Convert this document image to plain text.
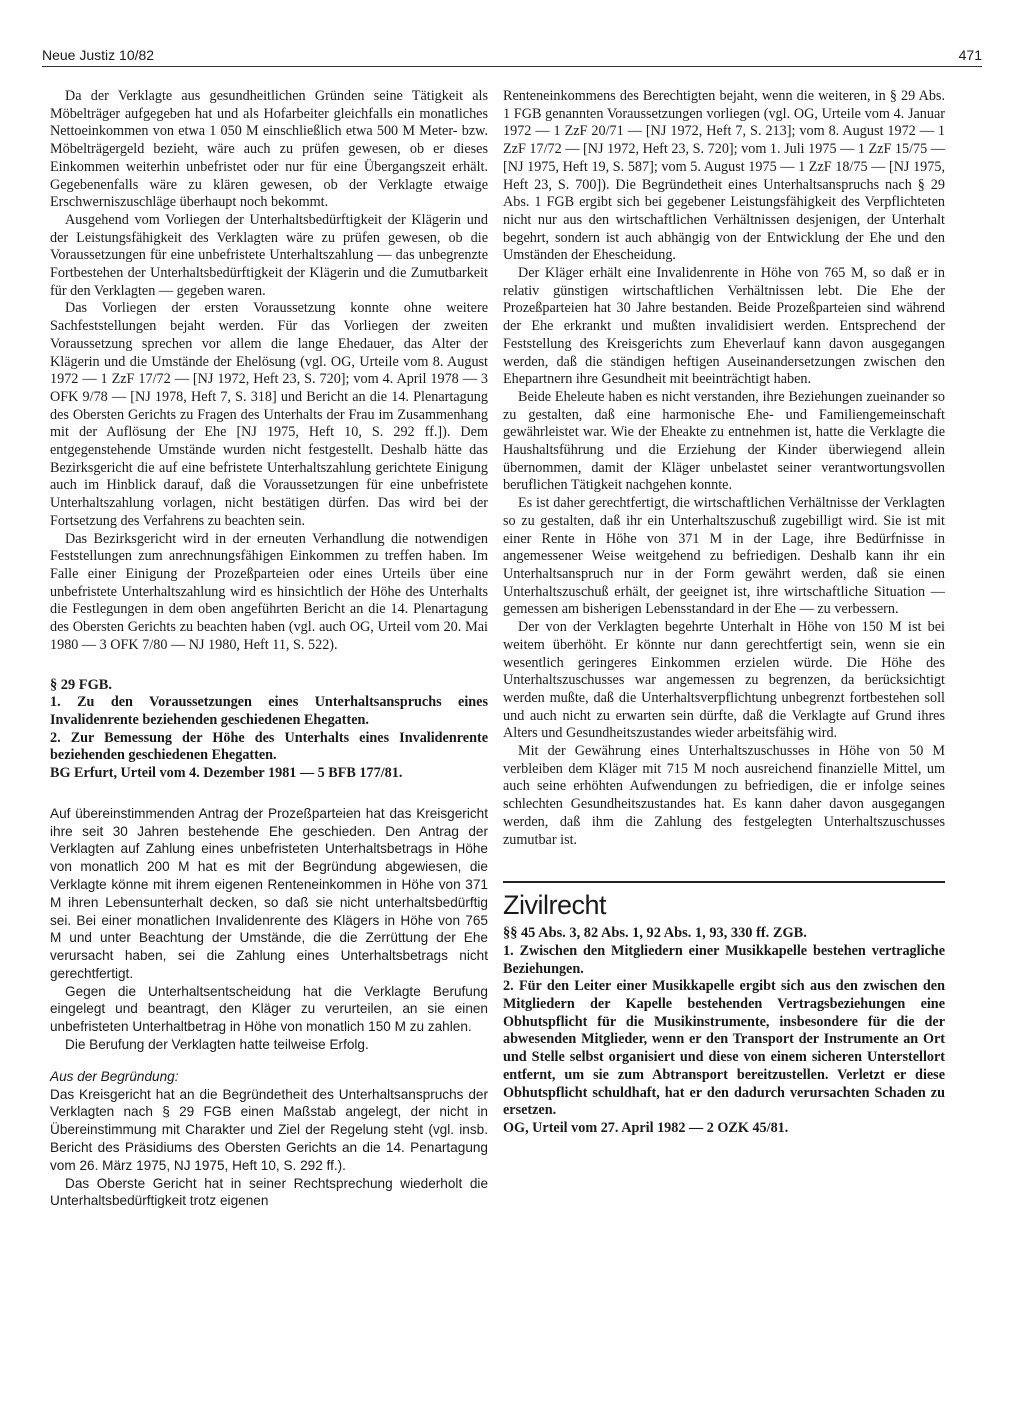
Neue Justiz 10/82	471

Da der Verklagte aus gesundheitlichen Gründen seine Tätigkeit als Möbelträger aufgegeben hat und als Hofarbeiter gleichfalls ein monatliches Nettoeinkommen von etwa 1 050 M einschließlich etwa 500 M Meter- bzw. Möbelträgergeld bezieht, wäre auch zu prüfen gewesen, ob er dieses Einkommen weiterhin unbefristet oder nur für eine Übergangszeit erhält. Gegebenenfalls wäre zu klären gewesen, ob der Verklagte etwaige Erschwerniszuschläge überhaupt noch bekommt.

Ausgehend vom Vorliegen der Unterhaltsbedürftigkeit der Klägerin und der Leistungsfähigkeit des Verklagten wäre zu prüfen gewesen, ob die Voraussetzungen für eine unbefristete Unterhaltszahlung — das unbegrenzte Fortbestehen der Unterhaltsbedürftigkeit der Klägerin und die Zumutbarkeit für den Verklagten — gegeben waren.

Das Vorliegen der ersten Voraussetzung konnte ohne weitere Sachfeststellungen bejaht werden. Für das Vorliegen der zweiten Voraussetzung sprechen vor allem die lange Ehedauer, das Alter der Klägerin und die Umstände der Ehelösung (vgl. OG, Urteile vom 8. August 1972 — 1 ZzF 17/72 — [NJ 1972, Heft 23, S. 720]; vom 4. April 1978 — 3 OFK 9/78 — [NJ 1978, Heft 7, S. 318] und Bericht an die 14. Plenartagung des Obersten Gerichts zu Fragen des Unterhalts der Frau im Zusammenhang mit der Auflösung der Ehe [NJ 1975, Heft 10, S. 292 ff.]). Dem entgegenstehende Umstände wurden nicht festgestellt. Deshalb hätte das Bezirksgericht die auf eine befristete Unterhaltszahlung gerichtete Einigung auch im Hinblick darauf, daß die Voraussetzungen für eine unbefristete Unterhaltszahlung vorlagen, nicht bestätigen dürfen. Das wird bei der Fortsetzung des Verfahrens zu beachten sein.

Das Bezirksgericht wird in der erneuten Verhandlung die notwendigen Feststellungen zum anrechnungsfähigen Einkommen zu treffen haben. Im Falle einer Einigung der Prozeßparteien oder eines Urteils über eine unbefristete Unterhaltszahlung wird es hinsichtlich der Höhe des Unterhalts die Festlegungen in dem oben angeführten Bericht an die 14. Plenartagung des Obersten Gerichts zu beachten haben (vgl. auch OG, Urteil vom 20. Mai 1980 — 3 OFK 7/80 — NJ 1980, Heft 11, S. 522).

§ 29 FGB.

1. Zu den Voraussetzungen eines Unterhaltsanspruchs eines Invalidenrente beziehenden geschiedenen Ehegatten.

2. Zur Bemessung der Höhe des Unterhalts eines Invalidenrente beziehenden geschiedenen Ehegatten.

BG Erfurt, Urteil vom 4. Dezember 1981 — 5 BFB 177/81.

Auf übereinstimmenden Antrag der Prozeßparteien hat das Kreisgericht ihre seit 30 Jahren bestehende Ehe geschieden. Den Antrag der Verklagten auf Zahlung eines unbefristeten Unterhaltsbetrags in Höhe von monatlich 200 M hat es mit der Begründung abgewiesen, die Verklagte könne mit ihrem eigenen Renteneinkommen in Höhe von 371 M ihren Lebensunterhalt decken, so daß sie nicht unterhaltsbedürftig sei. Bei einer monatlichen Invalidenrente des Klägers in Höhe von 765 M und unter Beachtung der Umstände, die die Zerrüttung der Ehe verursacht haben, sei die Zahlung eines Unterhaltsbetrags nicht gerechtfertigt.

Gegen die Unterhaltsentscheidung hat die Verklagte Berufung eingelegt und beantragt, den Kläger zu verurteilen, an sie einen unbefristeten Unterhaltbetrag in Höhe von monatlich 150 M zu zahlen.

Die Berufung der Verklagten hatte teilweise Erfolg.

Aus der Begründung:

Das Kreisgericht hat an die Begründetheit des Unterhaltsanspruchs der Verklagten nach § 29 FGB einen Maßstab angelegt, der nicht in Übereinstimmung mit Charakter und Ziel der Regelung steht (vgl. insb. Bericht des Präsidiums des Obersten Gerichts an die 14. Penartagung vom 26. März 1975, NJ 1975, Heft 10, S. 292 ff.).

Das Oberste Gericht hat in seiner Rechtsprechung wiederholt die Unterhaltsbedürftigkeit trotz eigenen

Renteneinkommens des Berechtigten bejaht, wenn die weiteren, in § 29 Abs. 1 FGB genannten Voraussetzungen vorliegen (vgl. OG, Urteile vom 4. Januar 1972 — 1 ZzF 20/71 — [NJ 1972, Heft 7, S. 213]; vom 8. August 1972 — 1 ZzF 17/72 — [NJ 1972, Heft 23, S. 720]; vom 1. Juli 1975 — 1 ZzF 15/75 — [NJ 1975, Heft 19, S. 587]; vom 5. August 1975 — 1 ZzF 18/75 — [NJ 1975, Heft 23, S. 700]). Die Begründetheit eines Unterhaltsanspruchs nach § 29 Abs. 1 FGB ergibt sich bei gegebener Leistungsfähigkeit des Verpflichteten nicht nur aus den wirtschaftlichen Verhältnissen desjenigen, der Unterhalt begehrt, sondern ist auch abhängig von der Entwicklung der Ehe und den Umständen der Ehescheidung.

Der Kläger erhält eine Invalidenrente in Höhe von 765 M, so daß er in relativ günstigen wirtschaftlichen Verhältnissen lebt. Die Ehe der Prozeßparteien hat 30 Jahre bestanden. Beide Prozeßparteien sind während der Ehe erkrankt und mußten invalidisiert werden. Entsprechend der Feststellung des Kreisgerichts zum Eheverlauf kann davon ausgegangen werden, daß die ständigen heftigen Auseinandersetzungen zwischen den Ehepartnern ihre Gesundheit mit beeinträchtigt haben.

Beide Eheleute haben es nicht verstanden, ihre Beziehungen zueinander so zu gestalten, daß eine harmonische Ehe- und Familiengemeinschaft gewährleistet war. Wie der Eheakte zu entnehmen ist, hatte die Verklagte die Haushaltsführung und die Erziehung der Kinder überwiegend allein übernommen, damit der Kläger unbelastet seiner verantwortungsvollen beruflichen Tätigkeit nachgehen konnte.

Es ist daher gerechtfertigt, die wirtschaftlichen Verhältnisse der Verklagten so zu gestalten, daß ihr ein Unterhaltszuschuß zugebilligt wird. Sie ist mit einer Rente in Höhe von 371 M in der Lage, ihre Bedürfnisse in angemessener Weise weitgehend zu befriedigen. Deshalb kann ihr ein Unterhaltsanspruch nur in der Form gewährt werden, daß sie einen Unterhaltszuschuß erhält, der geeignet ist, ihre wirtschaftliche Situation — gemessen am bisherigen Lebensstandard in der Ehe — zu verbessern.

Der von der Verklagten begehrte Unterhalt in Höhe von 150 M ist bei weitem überhöht. Er könnte nur dann gerechtfertigt sein, wenn sie ein wesentlich geringeres Einkommen erzielen würde. Die Höhe des Unterhaltszuschusses war angemessen zu begrenzen, da berücksichtigt werden mußte, daß die Unterhaltsverpflichtung unbegrenzt fortbestehen soll und auch nicht zu erwarten sein dürfte, daß die Verklagte auf Grund ihres Alters und Gesundheitszustandes wieder arbeitsfähig wird.

Mit der Gewährung eines Unterhaltszuschusses in Höhe von 50 M verbleiben dem Kläger mit 715 M noch ausreichend finanzielle Mittel, um auch seine erhöhten Aufwendungen zu befriedigen, die er infolge seines schlechten Gesundheitszustandes hat. Es kann daher davon ausgegangen werden, daß ihm die Zahlung des festgelegten Unterhaltszuschusses zumutbar ist.

Zivilrecht

§§ 45 Abs. 3, 82 Abs. 1, 92 Abs. 1, 93, 330 ff. ZGB.

1. Zwischen den Mitgliedern einer Musikkapelle bestehen vertragliche Beziehungen.

2. Für den Leiter einer Musikkapelle ergibt sich aus den zwischen den Mitgliedern der Kapelle bestehenden Vertragsbeziehungen eine Obhutspflicht für die Musikinstrumente, insbesondere für die der abwesenden Mitglieder, wenn er den Transport der Instrumente an Ort und Stelle selbst organisiert und diese von einem sicheren Unterstellort entfernt, um sie zum Abtransport bereitzustellen. Verletzt er diese Obhutspflicht schuldhaft, hat er den dadurch verursachten Schaden zu ersetzen.

OG, Urteil vom 27. April 1982 — 2 OZK 45/81.
